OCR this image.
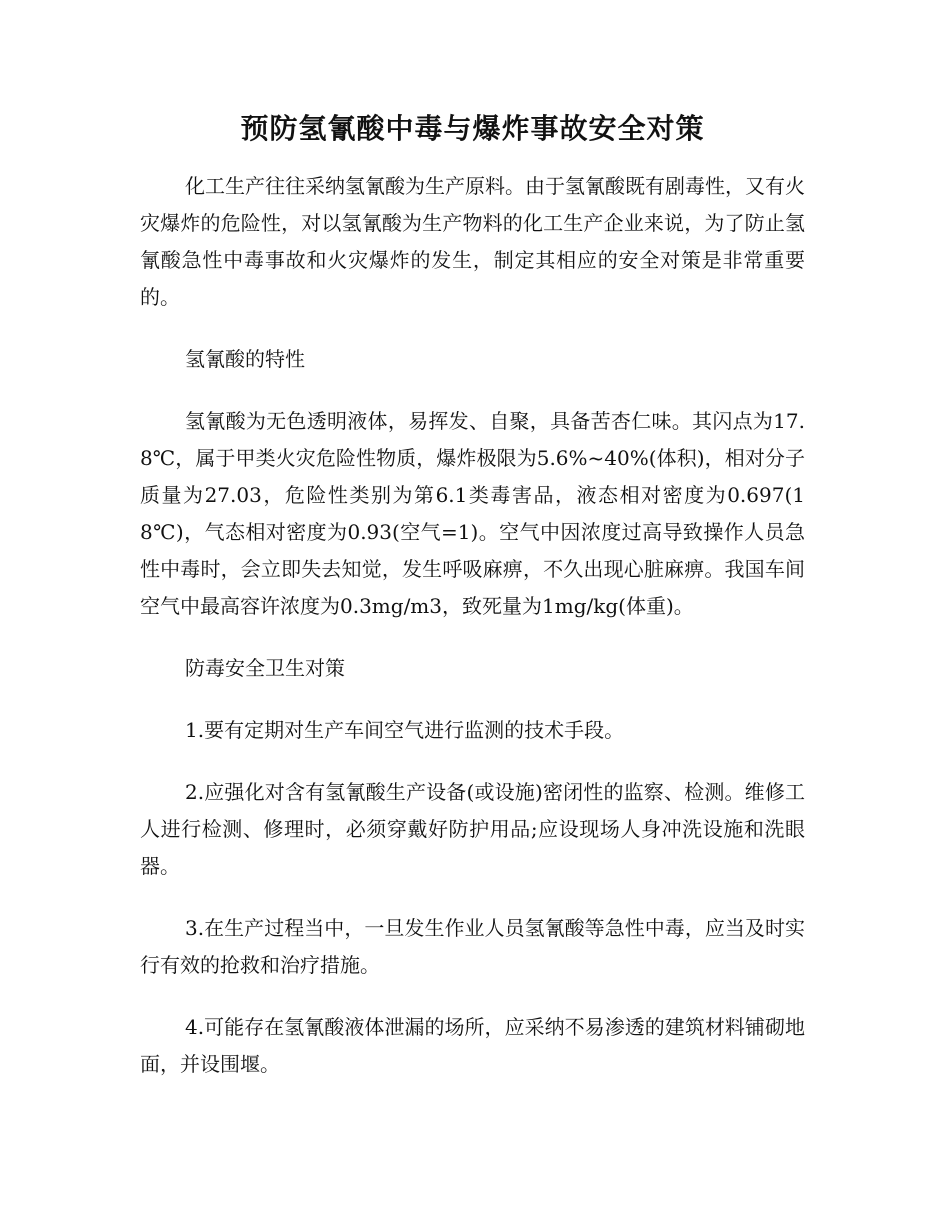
预防氢氰酸中毒与爆炸事故安全对策

化工生产往往采纳氢氰酸为生产原料。由于氢氰酸既有剧毒性，又有火灾爆炸的危险性，对以氢氰酸为生产物料的化工生产企业来说，为了防止氢氰酸急性中毒事故和火灾爆炸的发生，制定其相应的安全对策是非常重要的。

氢氰酸的特性

氢氰酸为无色透明液体，易挥发、自聚，具备苦杏仁味。其闪点为17.8℃，属于甲类火灾危险性物质，爆炸极限为5.6%~40%(体积)，相对分子质量为27.03，危险性类别为第6.1类毒害品，液态相对密度为0.697(18℃)，气态相对密度为0.93(空气=1)。空气中因浓度过高导致操作人员急性中毒时，会立即失去知觉，发生呼吸麻痹，不久出现心脏麻痹。我国车间空气中最高容许浓度为0.3mg/m3，致死量为1mg/kg(体重)。

防毒安全卫生对策

1.要有定期对生产车间空气进行监测的技术手段。

2.应强化对含有氢氰酸生产设备(或设施)密闭性的监察、检测。维修工人进行检测、修理时，必须穿戴好防护用品;应设现场人身冲洗设施和洗眼器。

3.在生产过程当中，一旦发生作业人员氢氰酸等急性中毒，应当及时实行有效的抢救和治疗措施。

4.可能存在氢氰酸液体泄漏的场所，应采纳不易渗透的建筑材料铺砌地面，并设围堰。
